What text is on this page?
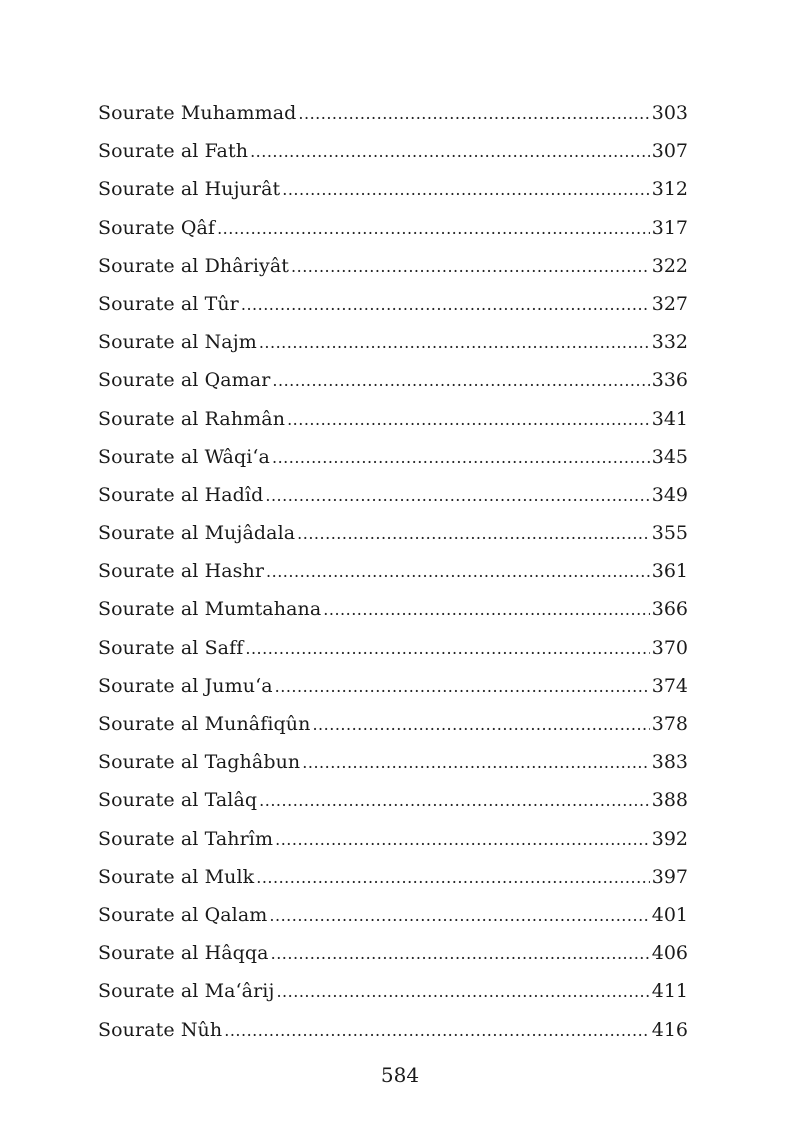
Sourate Muhammad .....	303
Sourate al Fath .....	307
Sourate al Hujurât .....	312
Sourate Qâf .....	317
Sourate al Dhâriyât .....	322
Sourate al Tûr .....	327
Sourate al Najm .....	332
Sourate al Qamar .....	336
Sourate al Rahmân .....	341
Sourate al Wâqi‘a .....	345
Sourate al Hadîd .....	349
Sourate al Mujâdala .....	355
Sourate al Hashr .....	361
Sourate al Mumtahana .....	366
Sourate al Saff .....	370
Sourate al Jumu‘a .....	374
Sourate al Munâfiqûn .....	378
Sourate al Taghâbun .....	383
Sourate al Talâq .....	388
Sourate al Tahrîm .....	392
Sourate al Mulk .....	397
Sourate al Qalam .....	401
Sourate al Hâqqa .....	406
Sourate al Ma‘ârij .....	411
Sourate Nûh .....	416
584
